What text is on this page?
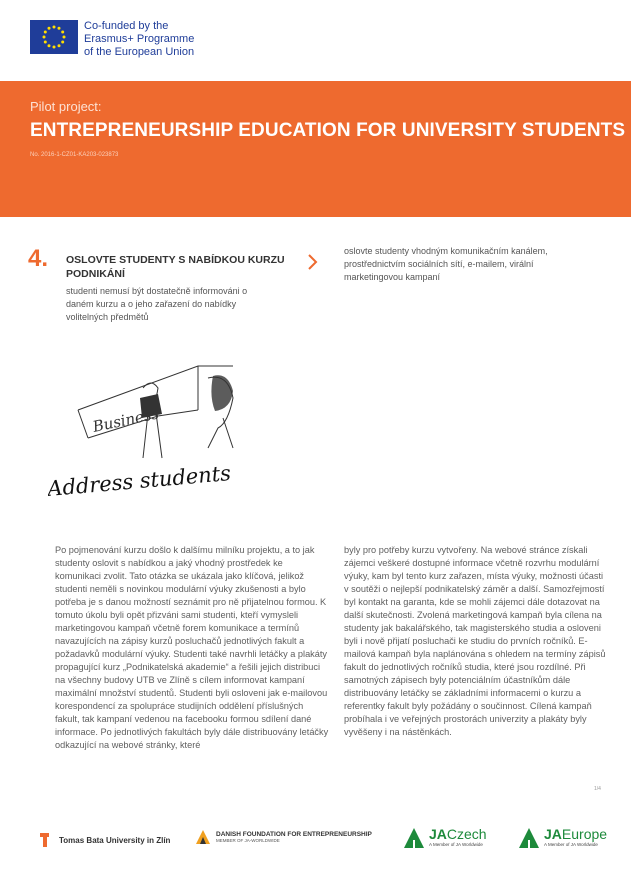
Co-funded by the
Erasmus+ Programme
of the European Union
Pilot project:
ENTREPRENEURSHIP EDUCATION FOR UNIVERSITY STUDENTS
No. 2016-1-CZ01-KA203-023873
4. OSLOVTE STUDENTY S NABÍDKOU KURZU PODNIKÁNÍ
studenti nemusí být dostatečně informováni o daném kurzu a o jeho zařazení do nabídky volitelných předmětů
oslovte studenty vhodným komunikačním kanálem, prostřednictvím sociálních sítí, e-mailem, virální marketingovou kampaní
Business
Address students
Po pojmenování kurzu došlo k dalšímu milníku projektu, a to jak studenty oslovit s nabídkou a jaký vhodný prostředek ke komunikaci zvolit. Tato otázka se ukázala jako klíčová, jelikož studenti neměli s novinkou modulární výuky zkušenosti a bylo potřeba je s danou možností seznámit pro ně přijatelnou formou. K tomuto úkolu byli opět přizváni sami studenti, kteří vymysleli marketingovou kampaň včetně forem komunikace a termínů navazujících na zápisy kurzů posluchačů jednotlivých fakult a požadavků modulární výuky. Studenti také navrhli letáčky a plakáty propagující kurz „Podnikatelská akademie“ a řešili jejich distribuci na všechny budovy UTB ve Zlíně s cílem informovat kampaní maximální množství studentů. Studenti byli osloveni jak e-mailovou korespondencí za spolupráce studijních oddělení příslušných fakult, tak kampaní vedenou na facebooku formou sdílení dané informace. Po jednotlivých fakultách byly dále distribuovány letáčky odkazující na webové stránky, které
byly pro potřeby kurzu vytvořeny. Na webové stránce získali zájemci veškeré dostupné informace včetně rozvrhu modulární výuky, kam byl tento kurz zařazen, místa výuky, možnosti účasti v soutěži o nejlepší podnikatelský záměr a další. Samozřejmostí byl kontakt na garanta, kde se mohli zájemci dále dotazovat na další skutečnosti. Zvolená marketingová kampaň byla cílena na studenty jak bakalářského, tak magisterského studia a osloveni byli i nově přijatí posluchači ke studiu do prvních ročníků. E-mailová kampaň byla naplánována s ohledem na termíny zápisů fakult do jednotlivých ročníků studia, které jsou rozdílné. Při samotných zápisech byly potenciálním účastníkům dále distribuovány letáčky se základními informacemi o kurzu a referentky fakult byly požádány o součinnost. Cílená kampaň probíhala i ve veřejných prostorách univerzity a plakáty byly vyvěšeny i na nástěnkách.
1/4
Tomas Bata University in Zlín
DANISH FOUNDATION FOR ENTREPRENEURSHIP
MEMBER OF JA-WORLDWIDE	JACzech
A Member of JA Worldwide
JAEurope
A Member of JA Worldwide
